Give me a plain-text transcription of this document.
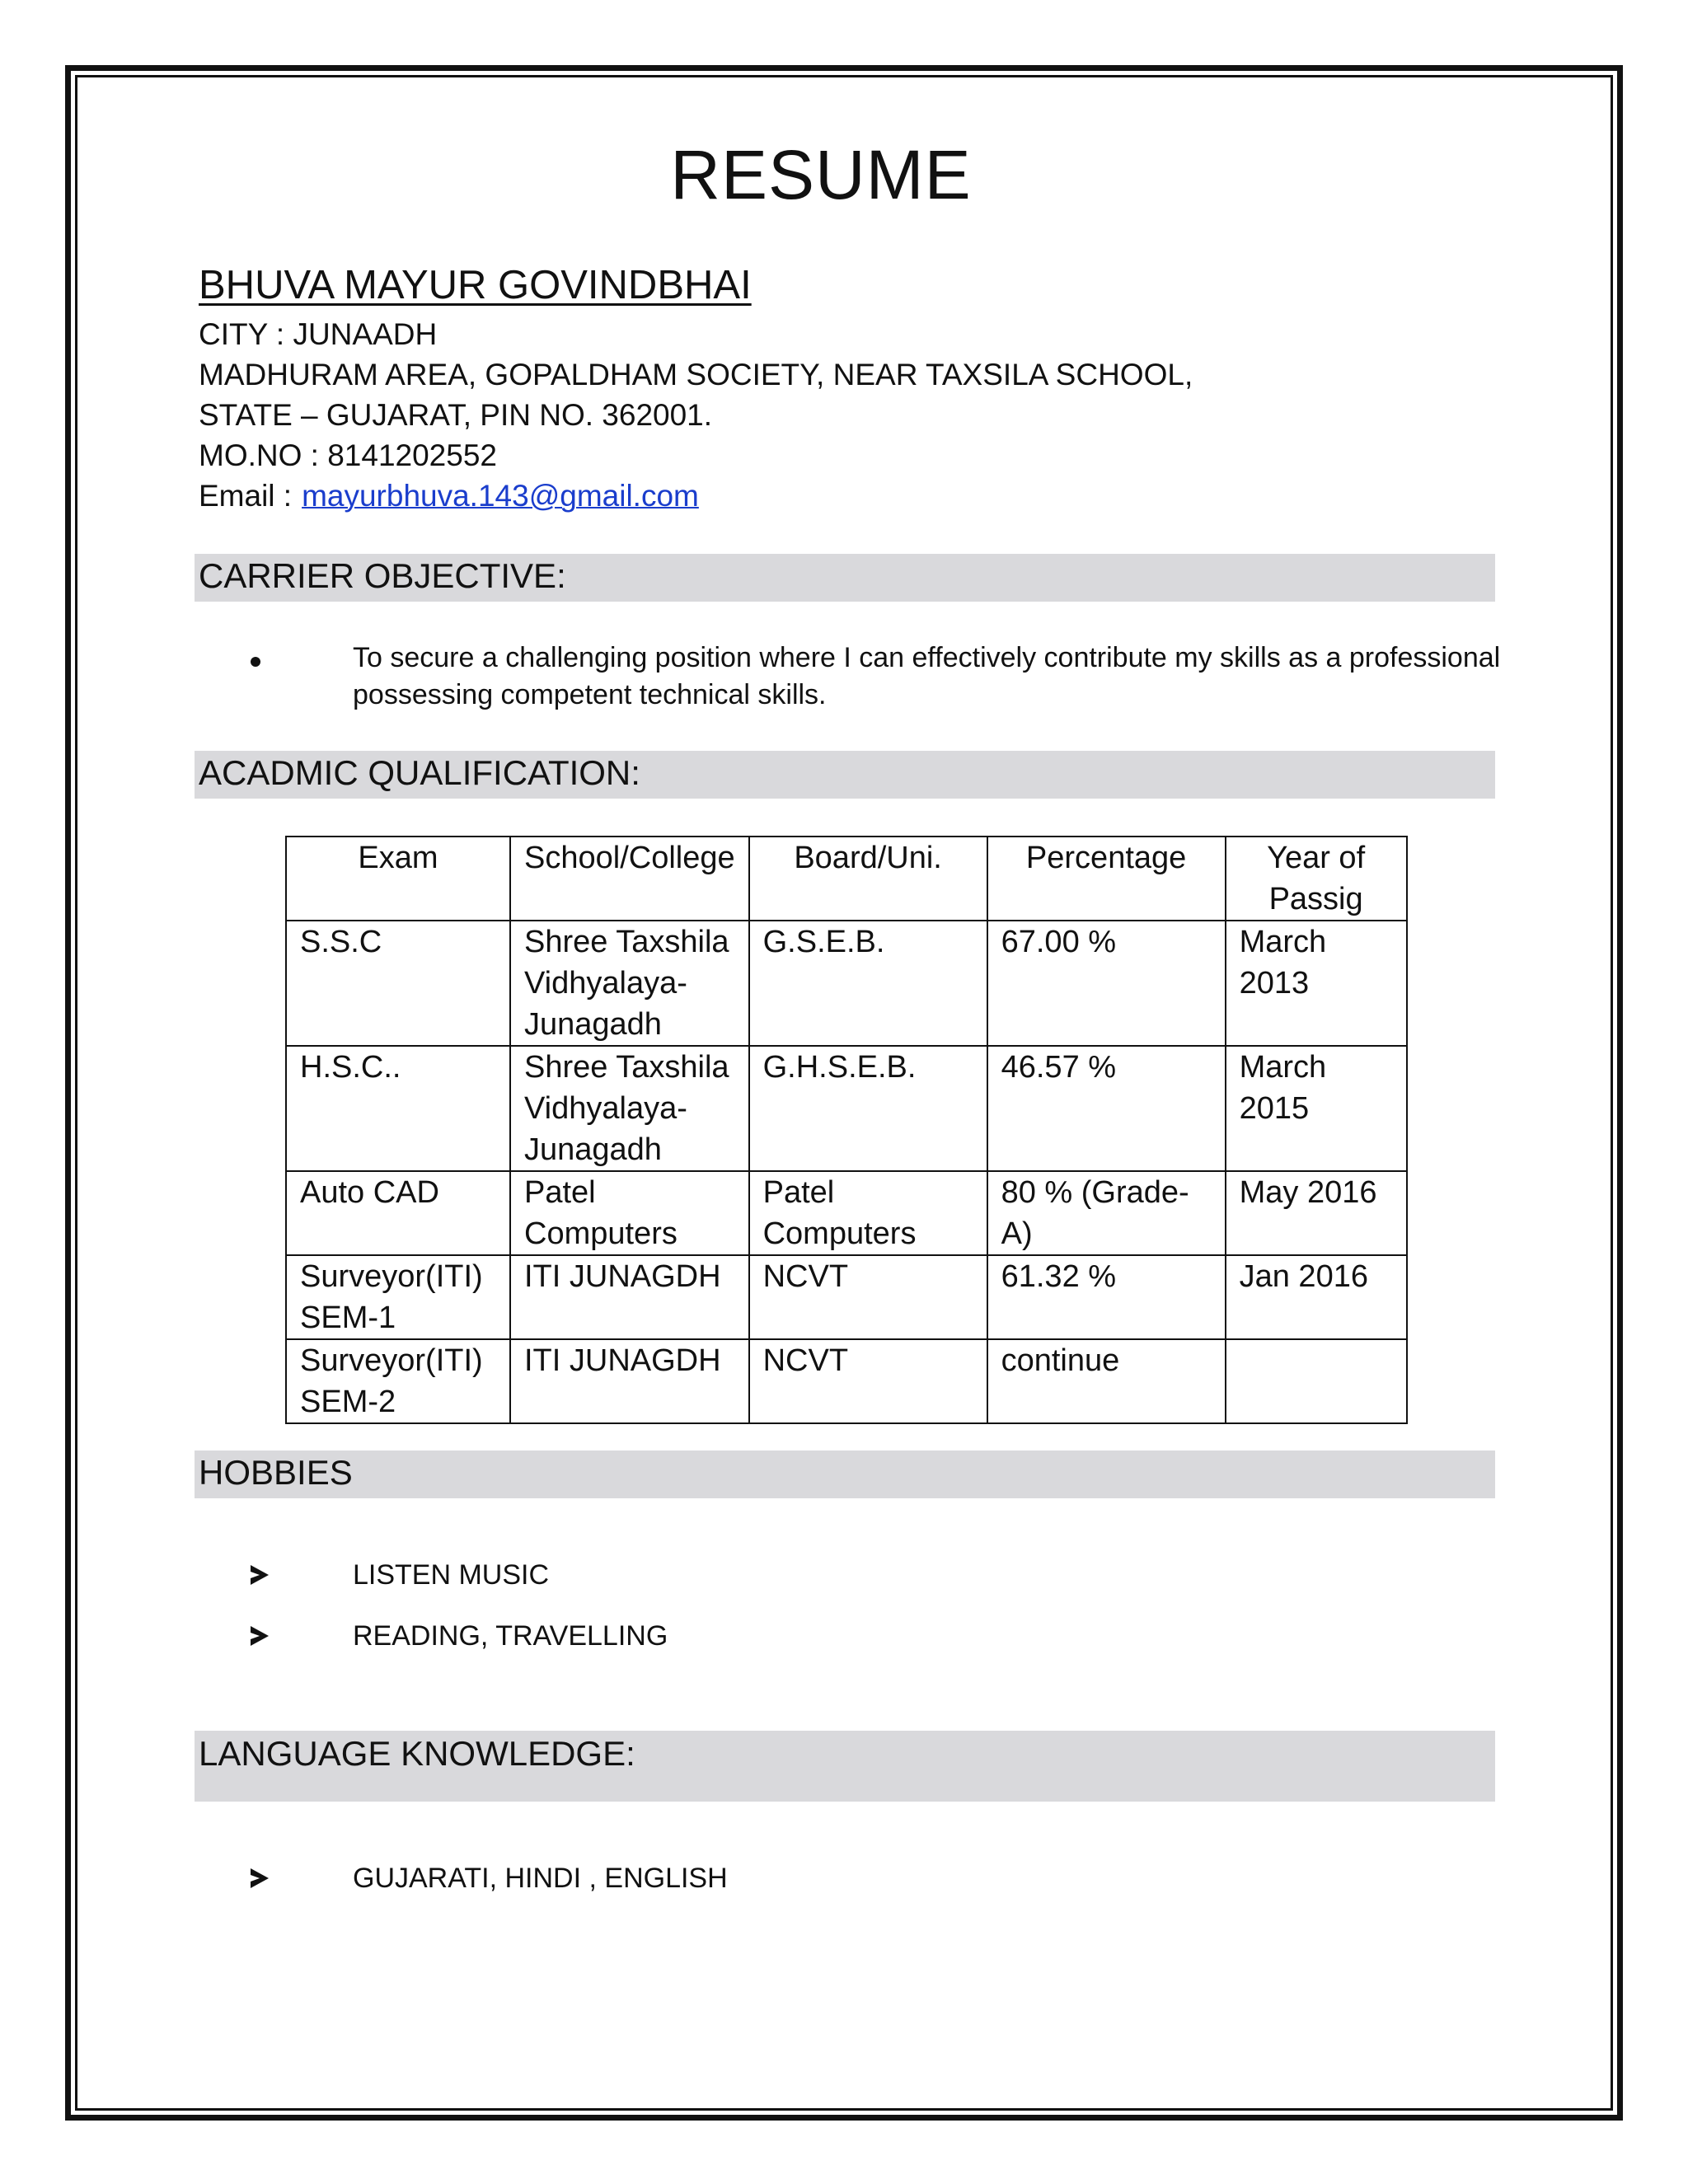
RESUME

BHUVA MAYUR GOVINDBHAI

CITY : JUNAADH

MADHURAM AREA, GOPALDHAM SOCIETY, NEAR TAXSILA SCHOOL,

STATE – GUJARAT, PIN NO. 362001.

MO.NO : 8141202552

Email : mayurbhuva.143@gmail.com

CARRIER OBJECTIVE:

To secure a challenging position where I can effectively contribute my skills as a professional
possessing competent technical skills.

ACADMIC QUALIFICATION:

Exam	School/College	Board/Uni.	Percentage	Year of Passig
S.S.C	Shree Taxshila Vidhyalaya-Junagadh	G.S.E.B.	67.00 %	March 2013
H.S.C..	Shree Taxshila Vidhyalaya-Junagadh	G.H.S.E.B.	46.57 %	March 2015
Auto CAD	Patel Computers	Patel Computers	80 % (Grade-A)	May 2016
Surveyor(ITI) SEM-1	ITI JUNAGDH	NCVT	61.32 %	Jan 2016
Surveyor(ITI) SEM-2	ITI JUNAGDH	NCVT	continue	

HOBBIES

LISTEN MUSIC
READING, TRAVELLING

LANGUAGE KNOWLEDGE:

GUJARATI, HINDI , ENGLISH
